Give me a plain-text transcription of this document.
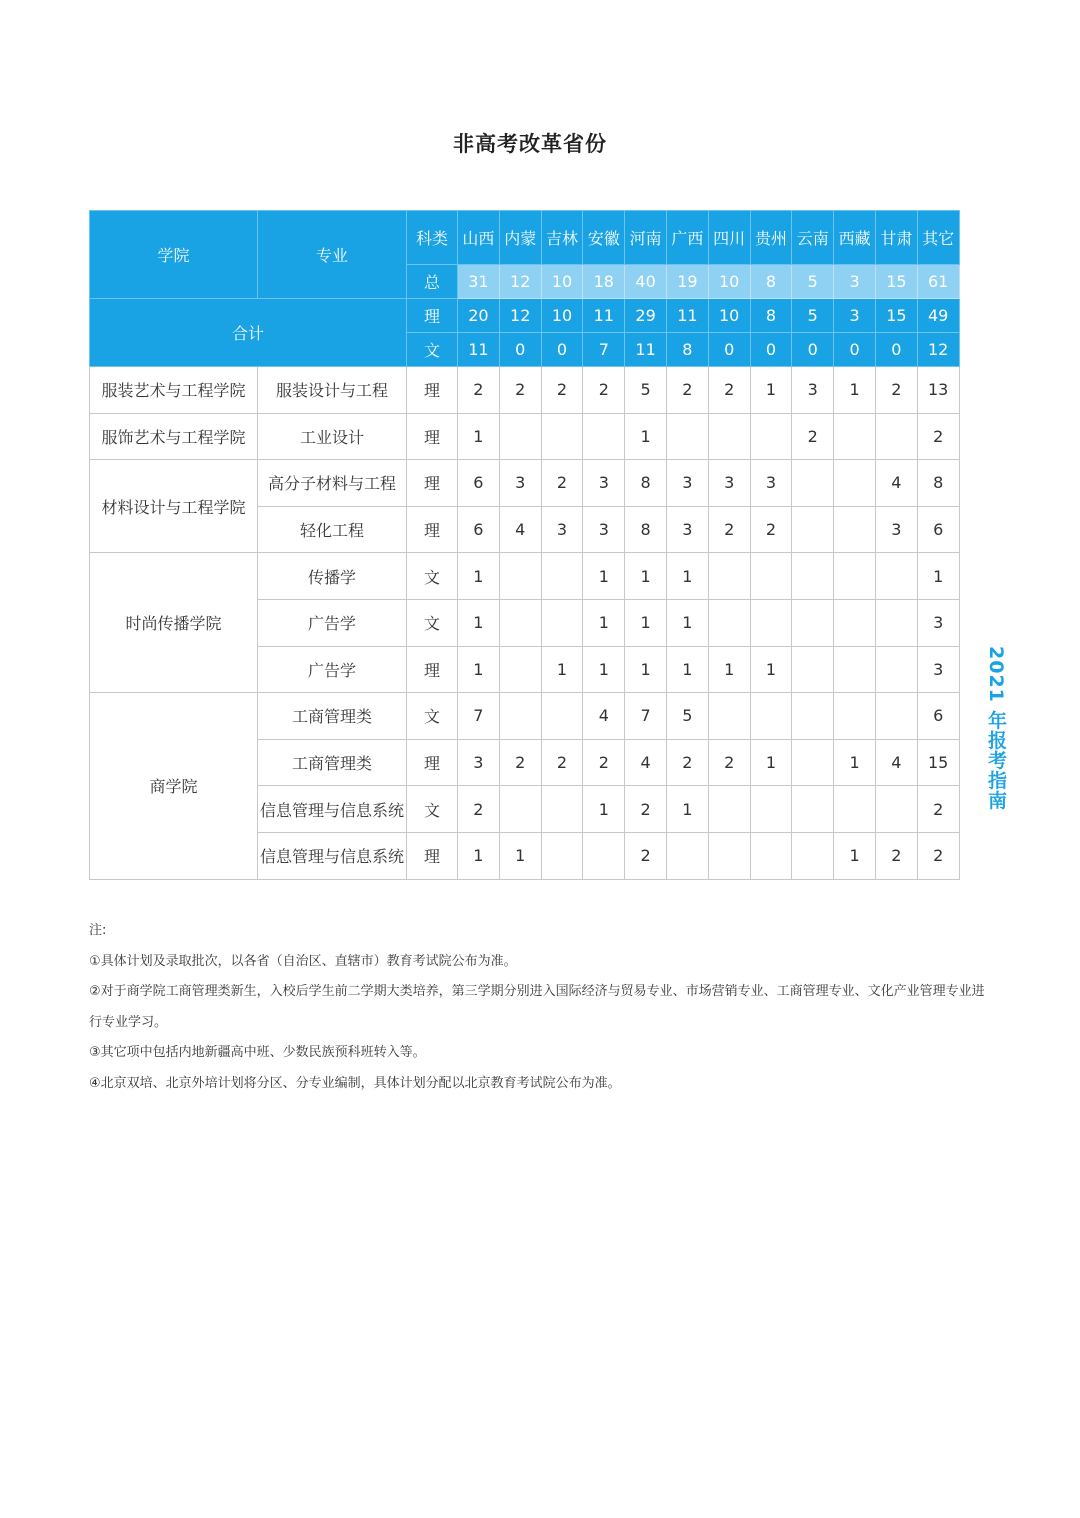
非高考改革省份
学院	专业	科类	山西	内蒙	吉林	安徽	河南	广西	四川	贵州	云南	西藏	甘肃	其它
		总	31	12	10	18	40	19	10	8	5	3	15	61
合计		理	20	12	10	11	29	11	10	8	5	3	15	49
		文	11	0	0	7	11	8	0	0	0	0	0	12
服装艺术与工程学院	服装设计与工程	理	2	2	2	2	5	2	2	1	3	1	2	13
服饰艺术与工程学院	工业设计	理	1				1				2			2
材料设计与工程学院	高分子材料与工程	理	6	3	2	3	8	3	3	3			4	8
	轻化工程	理	6	4	3	3	8	3	2	2			3	6
时尚传播学院	传播学	文	1			1	1	1						1
	广告学	文	1			1	1	1						3
	广告学	理	1		1	1	1	1	1	1				3
商学院	工商管理类	文	7			4	7	5						6
	工商管理类	理	3	2	2	2	4	2	2	1		1	4	15
	信息管理与信息系统	文	2			1	2	1						2
	信息管理与信息系统	理	1	1			2					1	2	2
2021 年报考指南

注:

①具体计划及录取批次，以各省（自治区、直辖市）教育考试院公布为准。

②对于商学院工商管理类新生，入校后学生前二学期大类培养，第三学期分别进入国际经济与贸易专业、市场营销专业、工商管理专业、文化产业管理专业进

行专业学习。

③其它项中包括内地新疆高中班、少数民族预科班转入等。

④北京双培、北京外培计划将分区、分专业编制，具体计划分配以北京教育考试院公布为准。
